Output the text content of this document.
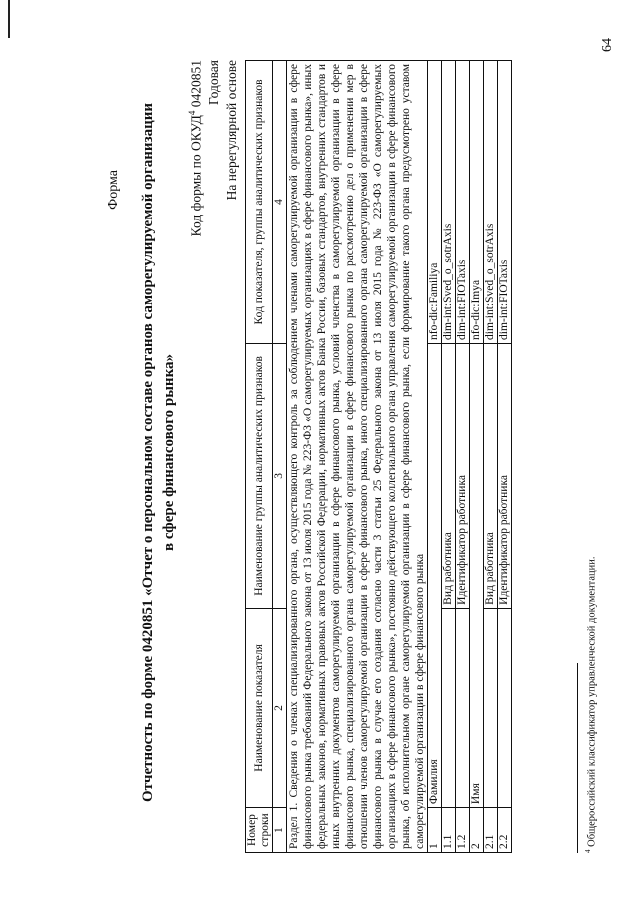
Форма Отчетность по форме 0420851 «Отчет о персональном составе органов саморегулируемой организации в сфере финансового рынка»
Код формы по ОКУД$^4$ 0420851 Годовая На нерегулярной основе
Номер строки	Наименование показателя	Наименование группы аналитических признаков	Код показателя, группы аналитических признаков
1	2	3	4
Раздел 1. Сведения о членах специализированного органа, осуществляющего контроль за соблюдением членами саморегулируемой организации в сфере финансового рынка требований Федерального закона от 13 июля 2015 года № 223-ФЗ «О саморегулируемых организациях в сфере финансового рынка», иных федеральных законов, нормативных правовых актов Российской Федерации, нормативных актов Банка России, базовых стандартов, внутренних стандартов и иных внутренних документов саморегулируемой организации в сфере финансового рынка, условий членства в саморегулируемой организации в сфере финансового рынка, специализированного органа саморегулируемой организации в сфере финансового рынка по рассмотрению дел о применении мер в отношении членов саморегулируемой организации в сфере финансового рынка, иного специализированного органа саморегулируемой организации в сфере финансового рынка в случае его создания согласно части 3 статьи 25 Федерального закона от 13 июля 2015 года № 223-ФЗ «О саморегулируемых организациях в сфере финансового рынка», постоянно действующего коллегиального органа управления саморегулируемой организации в сфере финансового рынка, об исполнительном органе саморегулируемой организации в сфере финансового рынка, если формирование такого органа предусмотрено уставом саморегулируемой организации в сфере финансового рынка			
1	Фамилия		nfo-dic:Familiya
1.1		Вид работника	dim-int:Sved_o_sotrAxis
1.2		Идентификатор работника	dim-int:FIOTaxis
2	Имя		nfo-dic:Imya
2.1		Вид работника	dim-int:Sved_o_sotrAxis
2.2		Идентификатор работника	dim-int:FIOTaxis
$^4$ Общероссийский классификатор управленческой документации.
64
